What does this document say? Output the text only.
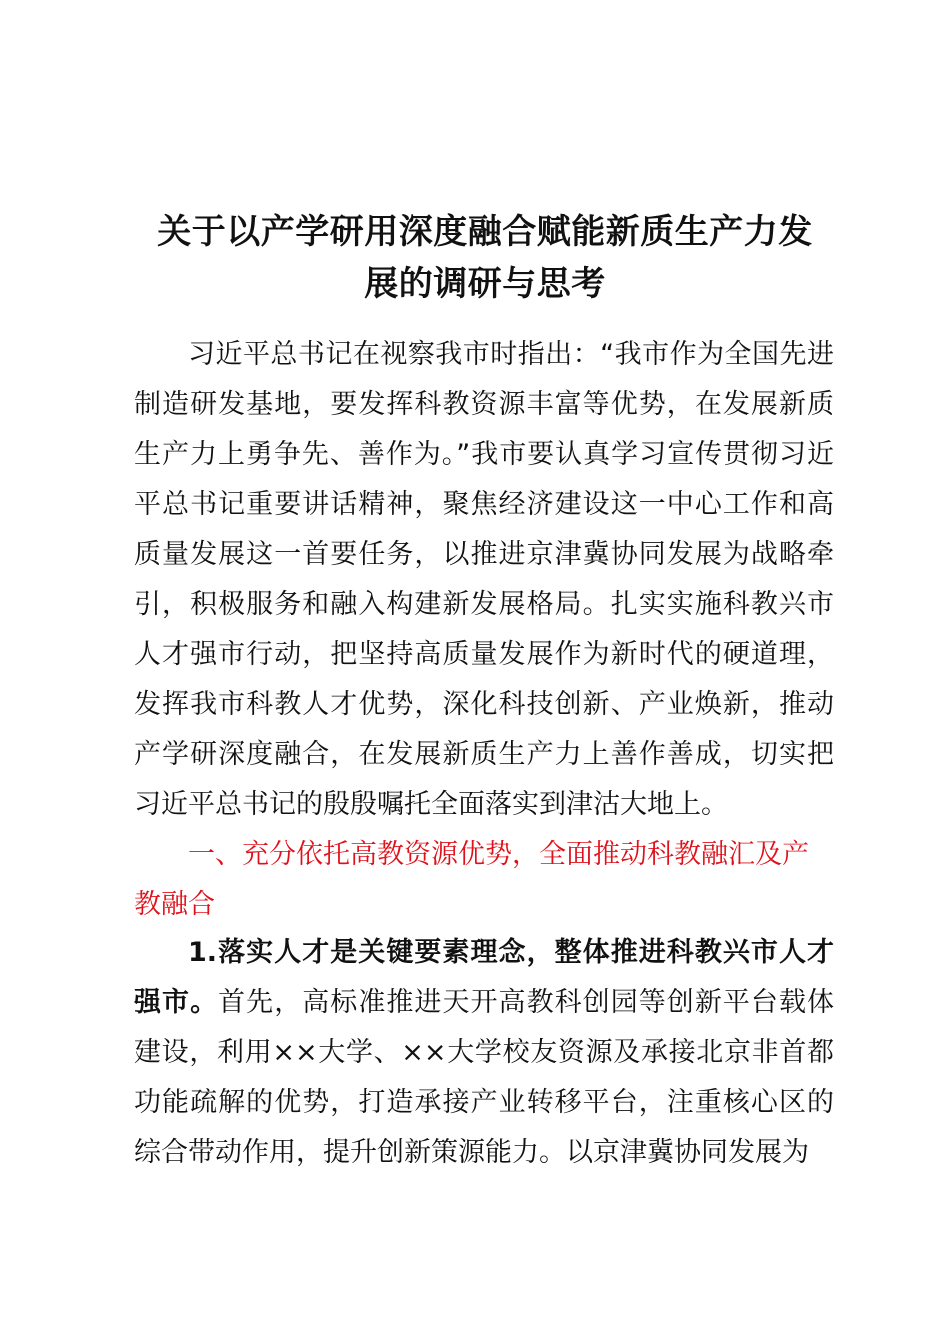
关于以产学研用深度融合赋能新质生产力发
展的调研与思考

习近平总书记在视察我市时指出：“我市作为全国先进制造研发基地，要发挥科教资源丰富等优势，在发展新质生产力上勇争先、善作为。”我市要认真学习宣传贯彻习近平总书记重要讲话精神，聚焦经济建设这一中心工作和高质量发展这一首要任务，以推进京津冀协同发展为战略牵引，积极服务和融入构建新发展格局。扎实实施科教兴市人才强市行动，把坚持高质量发展作为新时代的硬道理，发挥我市科教人才优势，深化科技创新、产业焕新，推动产学研深度融合，在发展新质生产力上善作善成，切实把习近平总书记的殷殷嘱托全面落实到津沽大地上。

一、充分依托高教资源优势，全面推动科教融汇及产教融合

1.落实人才是关键要素理念，整体推进科教兴市人才强市。首先，高标准推进天开高教科创园等创新平台载体建设，利用××大学、××大学校友资源及承接北京非首都功能疏解的优势，打造承接产业转移平台，注重核心区的综合带动作用，提升创新策源能力。以京津冀协同发展为
